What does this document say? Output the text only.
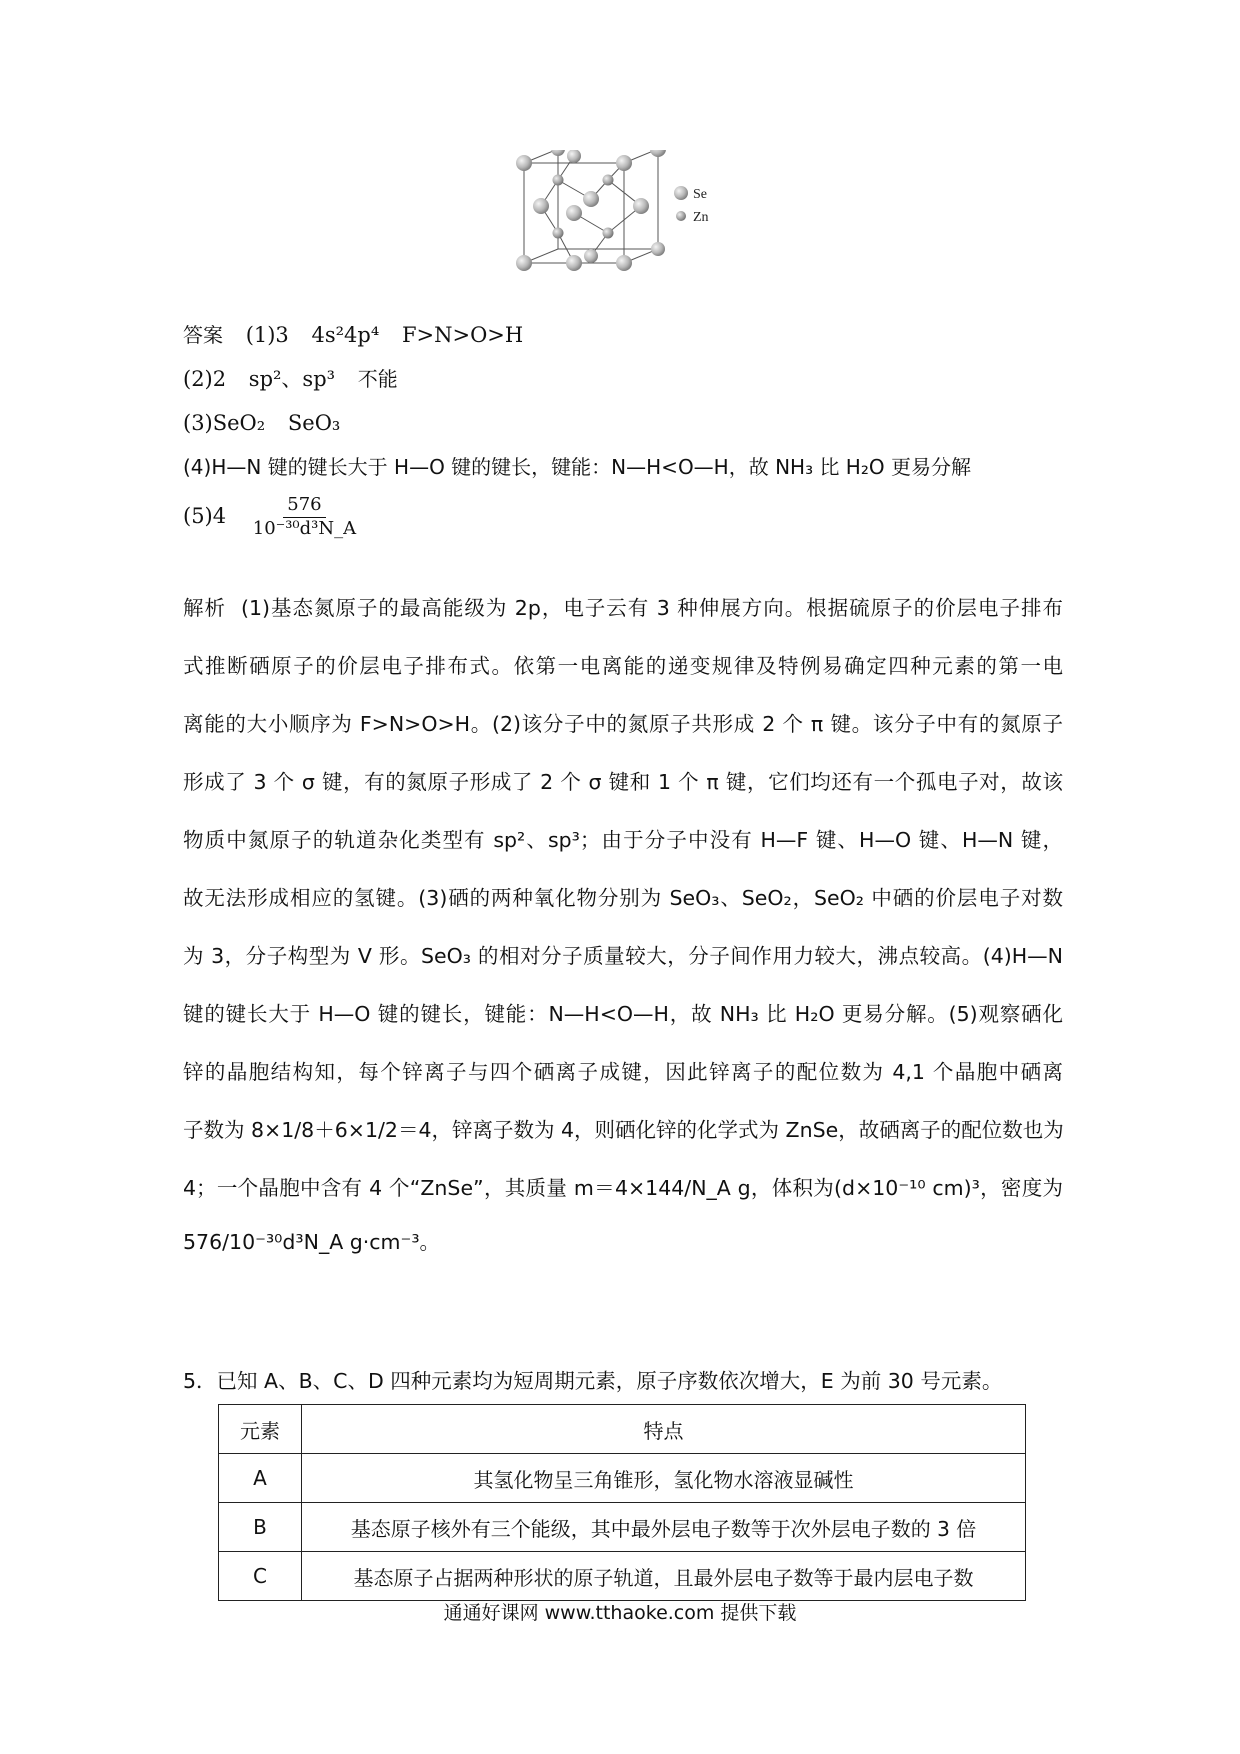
Se
Zn
答案 (1)3 4s²4p⁴ F>N>O>H
(2)2 sp²、sp³ 不能
(3)SeO₂ SeO₃
(4)H—N 键的键长大于 H—O 键的键长，键能：N—H<O—H，故 NH₃ 比 H₂O 更易分解
$(5)4 \frac{576}{\text{10⁻³⁰d³N\_A}}$
解析 (1)基态氮原子的最高能级为 2p，电子云有 3 种伸展方向。根据硫原子的价层电子排布
式推断硒原子的价层电子排布式。依第一电离能的递变规律及特例易确定四种元素的第一电
离能的大小顺序为 F>N>O>H。(2)该分子中的氮原子共形成 2 个 π 键。该分子中有的氮原子
形成了 3 个 σ 键，有的氮原子形成了 2 个 σ 键和 1 个 π 键，它们均还有一个孤电子对，故该
物质中氮原子的轨道杂化类型有 sp²、sp³；由于分子中没有 H—F 键、H—O 键、H—N 键，
故无法形成相应的氢键。(3)硒的两种氧化物分别为 SeO₃、SeO₂，SeO₂ 中硒的价层电子对数
为 3，分子构型为 V 形。SeO₃ 的相对分子质量较大，分子间作用力较大，沸点较高。(4)H—N
键的键长大于 H—O 键的键长，键能：N—H<O—H，故 NH₃ 比 H₂O 更易分解。(5)观察硒化
锌的晶胞结构知，每个锌离子与四个硒离子成键，因此锌离子的配位数为 4,1 个晶胞中硒离
子数为 8×1/8＋6×1/2＝4，锌离子数为 4，则硒化锌的化学式为 ZnSe，故硒离子的配位数也为
4；一个晶胞中含有 4 个“ZnSe”，其质量 m＝4×144/N_A g，体积为(d×10⁻¹⁰ cm)³，密度为
576/10⁻³⁰d³N_A g·cm⁻³。
5．已知 A、B、C、D 四种元素均为短周期元素，原子序数依次增大，E 为前 30 号元素。
元素	特点
A	其氢化物呈三角锥形，氢化物水溶液显碱性
B	基态原子核外有三个能级，其中最外层电子数等于次外层电子数的 3 倍
C	基态原子占据两种形状的原子轨道，且最外层电子数等于最内层电子数
通通好课网 www.tthaoke.com 提供下载
